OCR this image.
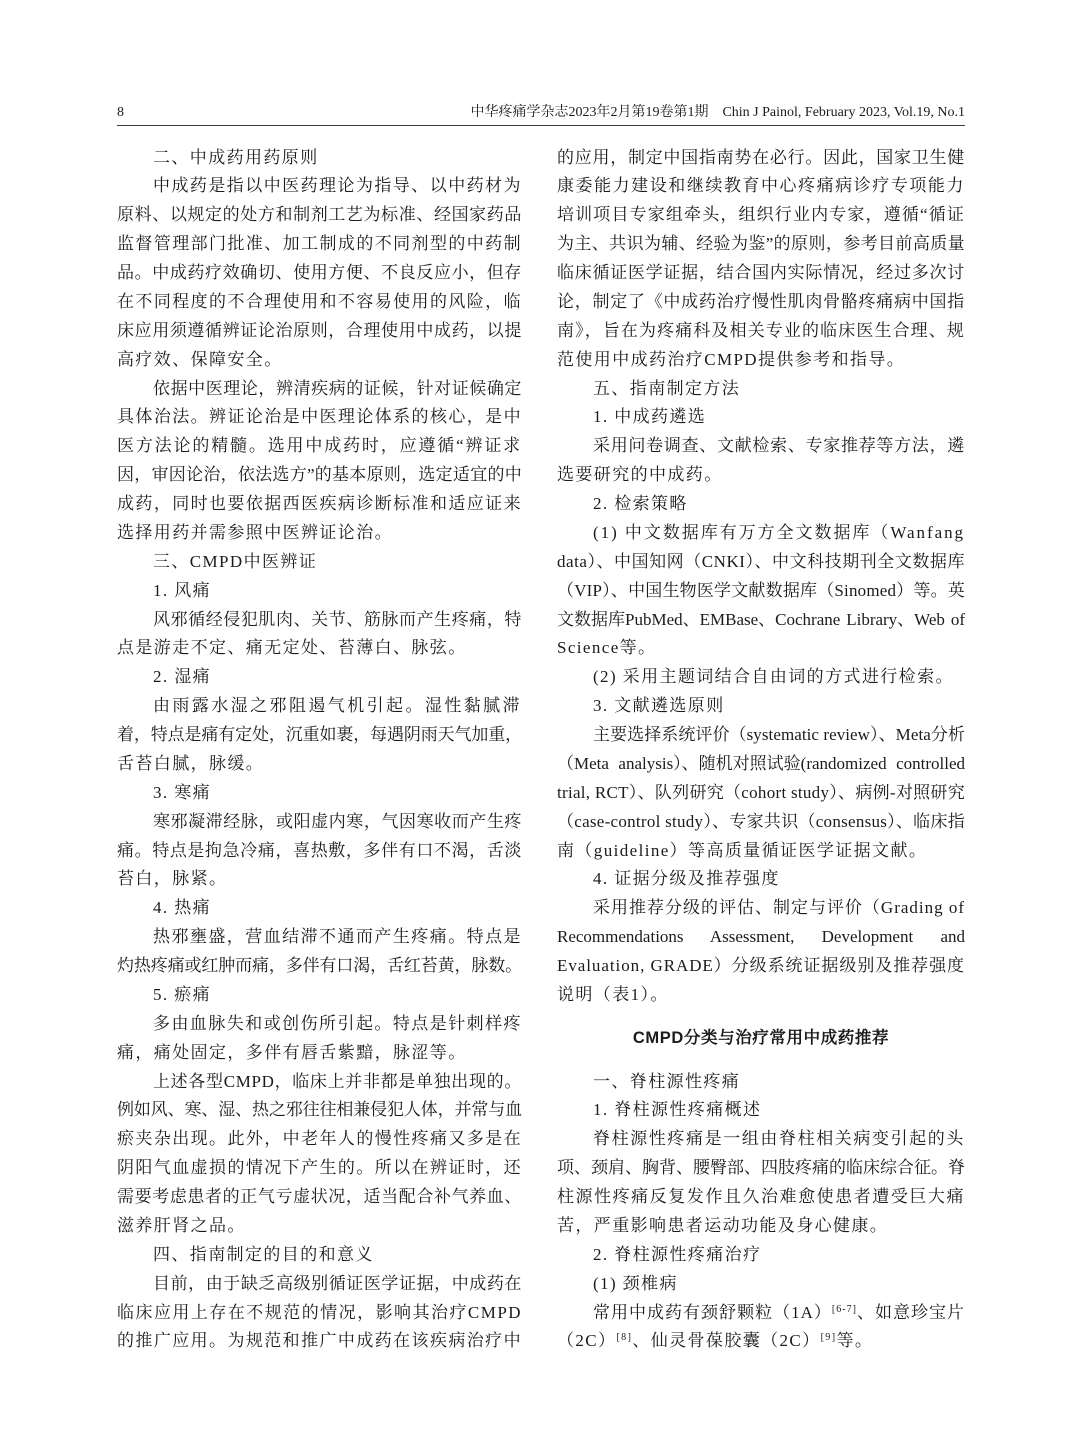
8	中华疼痛学杂志2023年2月第19卷第1期 Chin J Painol, February 2023, Vol.19, No.1
二、中成药用药原则
中成药是指以中医药理论为指导、以中药材为
原料、以规定的处方和制剂工艺为标准、经国家药品
监督管理部门批准、加工制成的不同剂型的中药制
品。中成药疗效确切、使用方便、不良反应小，但存
在不同程度的不合理使用和不容易使用的风险，临
床应用须遵循辨证论治原则，合理使用中成药，以提
高疗效、保障安全。
依据中医理论，辨清疾病的证候，针对证候确定
具体治法。辨证论治是中医理论体系的核心，是中
医方法论的精髓。选用中成药时，应遵循“辨证求
因，审因论治，依法选方”的基本原则，选定适宜的中
成药，同时也要依据西医疾病诊断标准和适应证来
选择用药并需参照中医辨证论治。
三、CMPD中医辨证
1. 风痛
风邪循经侵犯肌肉、关节、筋脉而产生疼痛，特
点是游走不定、痛无定处、苔薄白、脉弦。
2. 湿痛
由雨露水湿之邪阻遏气机引起。湿性黏腻滞
着，特点是痛有定处，沉重如裹，每遇阴雨天气加重，
舌苔白腻，脉缓。
3. 寒痛
寒邪凝滞经脉，或阳虚内寒，气因寒收而产生疼
痛。特点是拘急冷痛，喜热敷，多伴有口不渴，舌淡
苔白，脉紧。
4. 热痛
热邪壅盛，营血结滞不通而产生疼痛。特点是
灼热疼痛或红肿而痛，多伴有口渴，舌红苔黄，脉数。
5. 瘀痛
多由血脉失和或创伤所引起。特点是针刺样疼
痛，痛处固定，多伴有唇舌紫黯，脉涩等。
上述各型CMPD，临床上并非都是单独出现的。
例如风、寒、湿、热之邪往往相兼侵犯人体，并常与血
瘀夹杂出现。此外，中老年人的慢性疼痛又多是在
阴阳气血虚损的情况下产生的。所以在辨证时，还
需要考虑患者的正气亏虚状况，适当配合补气养血、
滋养肝肾之品。
四、指南制定的目的和意义
目前，由于缺乏高级别循证医学证据，中成药在
临床应用上存在不规范的情况，影响其治疗CMPD
的推广应用。为规范和推广中成药在该疾病治疗中
的应用，制定中国指南势在必行。因此，国家卫生健
康委能力建设和继续教育中心疼痛病诊疗专项能力
培训项目专家组牵头，组织行业内专家，遵循“循证
为主、共识为辅、经验为鉴”的原则，参考目前高质量
临床循证医学证据，结合国内实际情况，经过多次讨
论，制定了《中成药治疗慢性肌肉骨骼疼痛病中国指
南》，旨在为疼痛科及相关专业的临床医生合理、规
范使用中成药治疗CMPD提供参考和指导。
五、指南制定方法
1. 中成药遴选
采用问卷调查、文献检索、专家推荐等方法，遴
选要研究的中成药。
2. 检索策略
(1) 中文数据库有万方全文数据库（Wanfang
data）、中国知网（CNKI）、中文科技期刊全文数据库
（VIP）、中国生物医学文献数据库（Sinomed）等。英
文数据库PubMed、EMBase、Cochrane Library、Web of
Science等。
(2) 采用主题词结合自由词的方式进行检索。
3. 文献遴选原则
主要选择系统评价（systematic review）、Meta分析
（Meta analysis）、随机对照试验(randomized controlled
trial, RCT）、队列研究（cohort study）、病例-对照研究
（case-control study）、专家共识（consensus）、临床指
南（guideline）等高质量循证医学证据文献。
4. 证据分级及推荐强度
采用推荐分级的评估、制定与评价（Grading of
Recommendations Assessment, Development and
Evaluation, GRADE）分级系统证据级别及推荐强度
说明（表1）。
CMPD分类与治疗常用中成药推荐
一、脊柱源性疼痛
1. 脊柱源性疼痛概述
脊柱源性疼痛是一组由脊柱相关病变引起的头
项、颈肩、胸背、腰臀部、四肢疼痛的临床综合征。脊
柱源性疼痛反复发作且久治难愈使患者遭受巨大痛
苦，严重影响患者运动功能及身心健康。
2. 脊柱源性疼痛治疗
(1) 颈椎病
常用中成药有颈舒颗粒（1A）[6-7]、如意珍宝片
（2C）[8]、仙灵骨葆胶囊（2C）[9]等。
